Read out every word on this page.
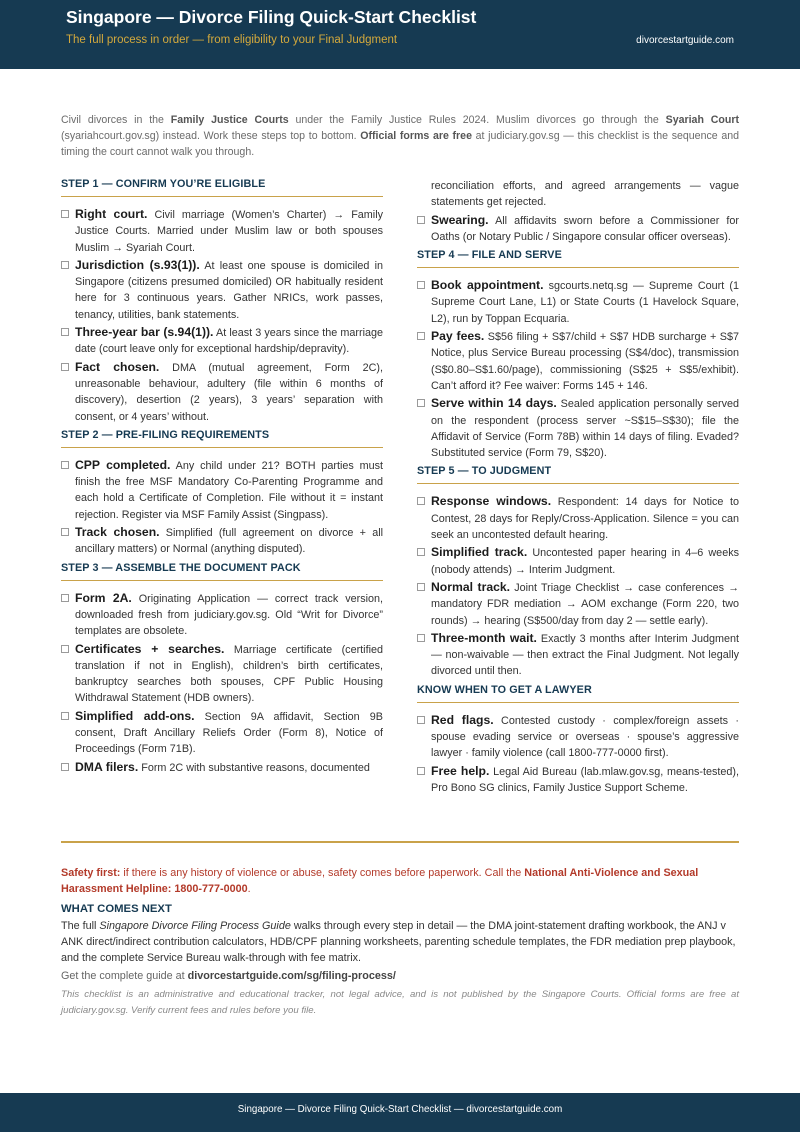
Singapore — Divorce Filing Quick-Start Checklist
The full process in order — from eligibility to your Final Judgment	divorcestartguide.com
Civil divorces in the Family Justice Courts under the Family Justice Rules 2024. Muslim divorces go through the Syariah Court (syariahcourt.gov.sg) instead. Work these steps top to bottom. Official forms are free at judiciary.gov.sg — this checklist is the sequence and timing the court cannot walk you through.
STEP 1 — CONFIRM YOU’RE ELIGIBLE
Right court. Civil marriage (Women’s Charter) → Family Justice Courts. Married under Muslim law or both spouses Muslim → Syariah Court.
Jurisdiction (s.93(1)). At least one spouse is domiciled in Singapore (citizens presumed domiciled) OR habitually resident here for 3 continuous years. Gather NRICs, work passes, tenancy, utilities, bank statements.
Three-year bar (s.94(1)). At least 3 years since the marriage date (court leave only for exceptional hardship/depravity).
Fact chosen. DMA (mutual agreement, Form 2C), unreasonable behaviour, adultery (file within 6 months of discovery), desertion (2 years), 3 years’ separation with consent, or 4 years’ without.
STEP 2 — PRE-FILING REQUIREMENTS
CPP completed. Any child under 21? BOTH parties must finish the free MSF Mandatory Co-Parenting Programme and each hold a Certificate of Completion. File without it = instant rejection. Register via MSF Family Assist (Singpass).
Track chosen. Simplified (full agreement on divorce + all ancillary matters) or Normal (anything disputed).
STEP 3 — ASSEMBLE THE DOCUMENT PACK
Form 2A. Originating Application — correct track version, downloaded fresh from judiciary.gov.sg. Old “Writ for Divorce” templates are obsolete.
Certificates + searches. Marriage certificate (certified translation if not in English), children’s birth certificates, bankruptcy searches both spouses, CPF Public Housing Withdrawal Statement (HDB owners).
Simplified add-ons. Section 9A affidavit, Section 9B consent, Draft Ancillary Reliefs Order (Form 8), Notice of Proceedings (Form 71B).
DMA filers. Form 2C with substantive reasons, documented
reconciliation efforts, and agreed arrangements — vague statements get rejected.
Swearing. All affidavits sworn before a Commissioner for Oaths (or Notary Public / Singapore consular officer overseas).
STEP 4 — FILE AND SERVE
Book appointment. sgcourts.netq.sg — Supreme Court (1 Supreme Court Lane, L1) or State Courts (1 Havelock Square, L2), run by Toppan Ecquaria.
Pay fees. S$56 filing + S$7/child + S$7 HDB surcharge + S$7 Notice, plus Service Bureau processing (S$4/doc), transmission (S$0.80–S$1.60/page), commissioning (S$25 + S$5/exhibit). Can’t afford it? Fee waiver: Forms 145 + 146.
Serve within 14 days. Sealed application personally served on the respondent (process server ~S$15–S$30); file the Affidavit of Service (Form 78B) within 14 days of filing. Evaded? Substituted service (Form 79, S$20).
STEP 5 — TO JUDGMENT
Response windows. Respondent: 14 days for Notice to Contest, 28 days for Reply/Cross-Application. Silence = you can seek an uncontested default hearing.
Simplified track. Uncontested paper hearing in 4–6 weeks (nobody attends) → Interim Judgment.
Normal track. Joint Triage Checklist → case conferences → mandatory FDR mediation → AOM exchange (Form 220, two rounds) → hearing (S$500/day from day 2 — settle early).
Three-month wait. Exactly 3 months after Interim Judgment — non-waivable — then extract the Final Judgment. Not legally divorced until then.
KNOW WHEN TO GET A LAWYER
Red flags. Contested custody · complex/foreign assets · spouse evading service or overseas · spouse’s aggressive lawyer · family violence (call 1800-777-0000 first).
Free help. Legal Aid Bureau (lab.mlaw.gov.sg, means-tested), Pro Bono SG clinics, Family Justice Support Scheme.
Safety first: if there is any history of violence or abuse, safety comes before paperwork. Call the National Anti-Violence and Sexual Harassment Helpline: 1800-777-0000.
WHAT COMES NEXT
The full Singapore Divorce Filing Process Guide walks through every step in detail — the DMA joint-statement drafting workbook, the ANJ v ANK direct/indirect contribution calculators, HDB/CPF planning worksheets, parenting schedule templates, the FDR mediation prep playbook, and the complete Service Bureau walk-through with fee matrix.
Get the complete guide at divorcestartguide.com/sg/filing-process/
This checklist is an administrative and educational tracker, not legal advice, and is not published by the Singapore Courts. Official forms are free at judiciary.gov.sg. Verify current fees and rules before you file.
Singapore — Divorce Filing Quick-Start Checklist — divorcestartguide.com
